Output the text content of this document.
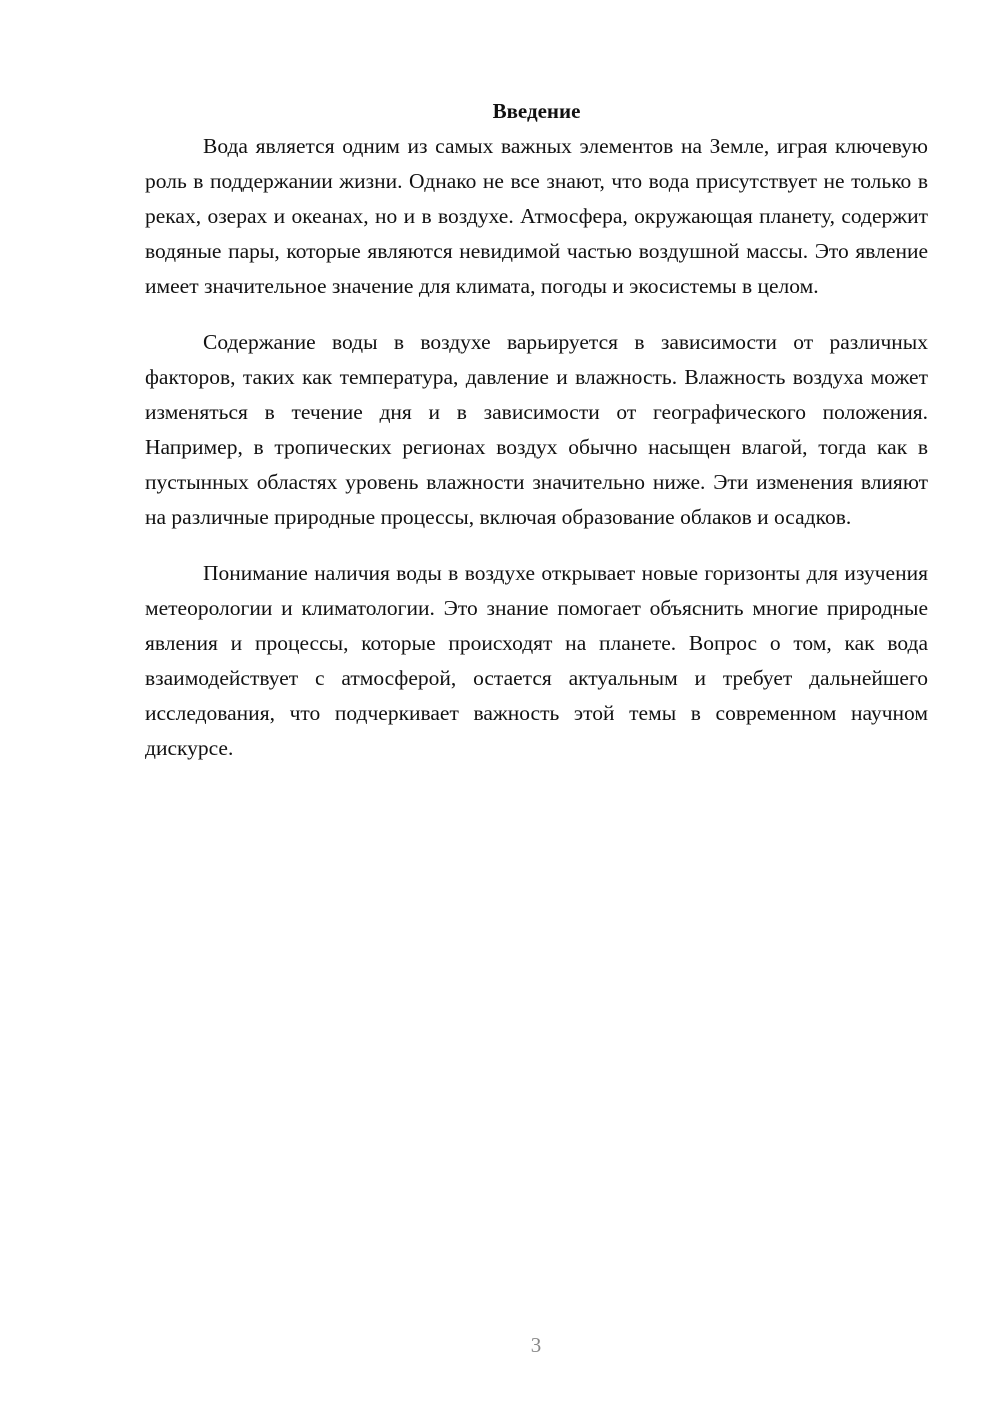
Введение

Вода является одним из самых важных элементов на Земле, играя ключевую роль в поддержании жизни. Однако не все знают, что вода присутствует не только в реках, озерах и океанах, но и в воздухе. Атмосфера, окружающая планету, содержит водяные пары, которые являются невидимой частью воздушной массы. Это явление имеет значительное значение для климата, погоды и экосистемы в целом.

Содержание воды в воздухе варьируется в зависимости от различных факторов, таких как температура, давление и влажность. Влажность воздуха может изменяться в течение дня и в зависимости от географического положения. Например, в тропических регионах воздух обычно насыщен влагой, тогда как в пустынных областях уровень влажности значительно ниже. Эти изменения влияют на различные природные процессы, включая образование облаков и осадков.

Понимание наличия воды в воздухе открывает новые горизонты для изучения метеорологии и климатологии. Это знание помогает объяснить многие природные явления и процессы, которые происходят на планете. Вопрос о том, как вода взаимодействует с атмосферой, остается актуальным и требует дальнейшего исследования, что подчеркивает важность этой темы в современном научном дискурсе.

3
